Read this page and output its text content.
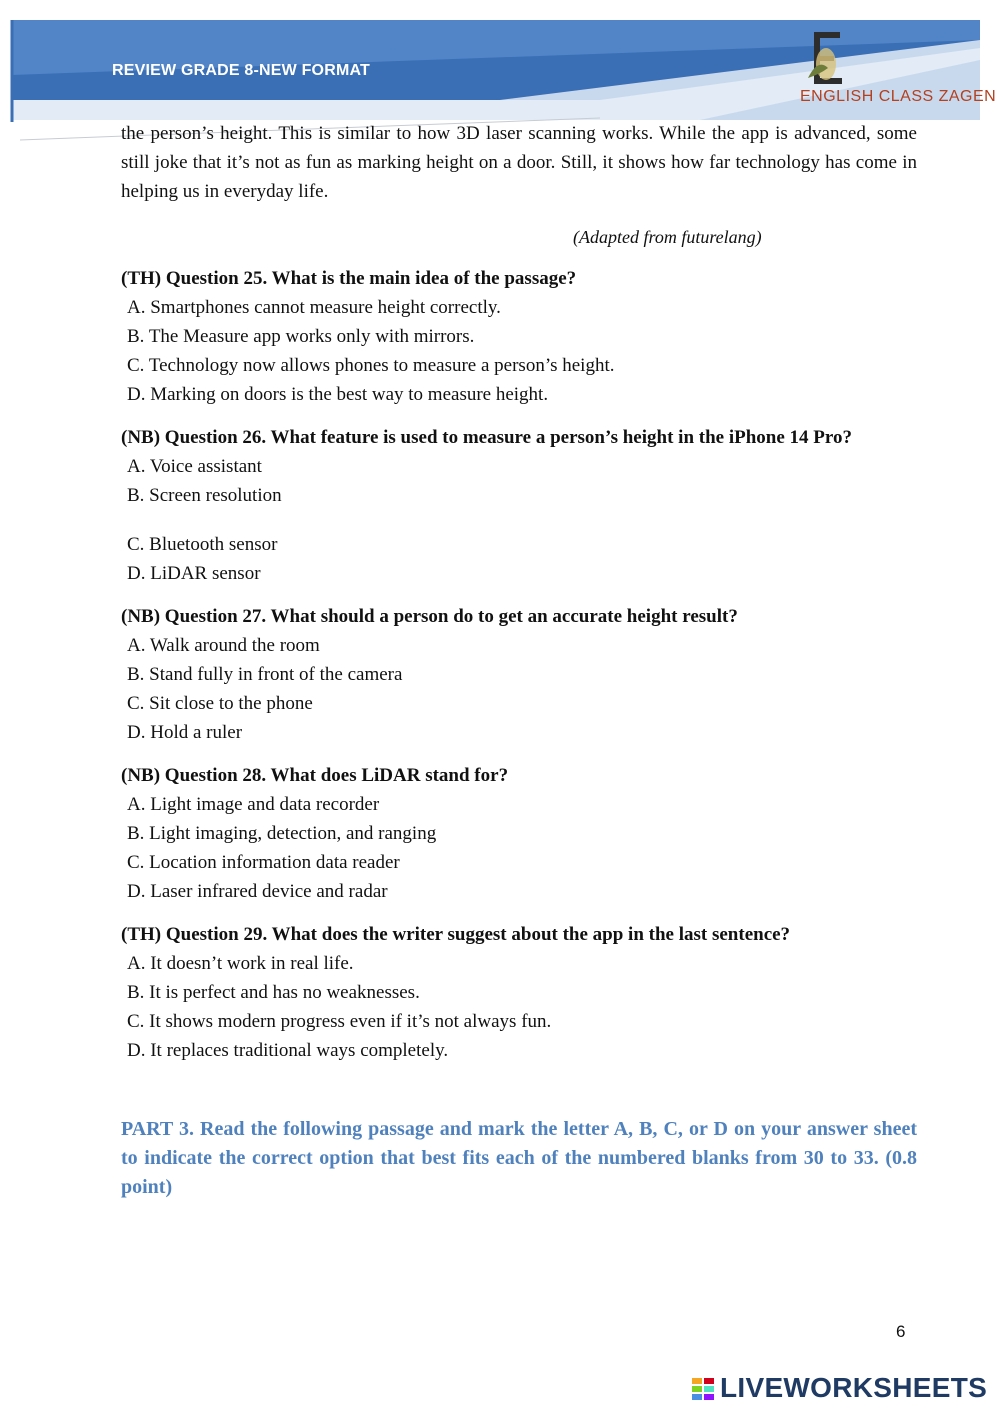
REVIEW GRADE 8-NEW FORMAT
ENGLISH CLASS ZAGEN

the person’s height. This is similar to how 3D laser scanning works. While the app is advanced, some still joke that it’s not as fun as marking height on a door. Still, it shows how far technology has come in helping us in everyday life.

(Adapted from futurelang)
(TH) Question 25. What is the main idea of the passage?
A. Smartphones cannot measure height correctly.
B. The Measure app works only with mirrors.
C. Technology now allows phones to measure a person’s height.
D. Marking on doors is the best way to measure height.
(NB) Question 26. What feature is used to measure a person’s height in the iPhone 14 Pro?
A. Voice assistant
B. Screen resolution
C. Bluetooth sensor
D. LiDAR sensor
(NB) Question 27. What should a person do to get an accurate height result?
A. Walk around the room
B. Stand fully in front of the camera
C. Sit close to the phone
D. Hold a ruler
(NB) Question 28. What does LiDAR stand for?
A. Light image and data recorder
B. Light imaging, detection, and ranging
C. Location information data reader
D. Laser infrared device and radar
(TH) Question 29. What does the writer suggest about the app in the last sentence?
A. It doesn’t work in real life.
B. It is perfect and has no weaknesses.
C. It shows modern progress even if it’s not always fun.
D. It replaces traditional ways completely.
PART 3. Read the following passage and mark the letter A, B, C, or D on your answer sheet to indicate the correct option that best fits each of the numbered blanks from 30 to 33. (0.8 point)
6
LIVEWORKSHEETS
